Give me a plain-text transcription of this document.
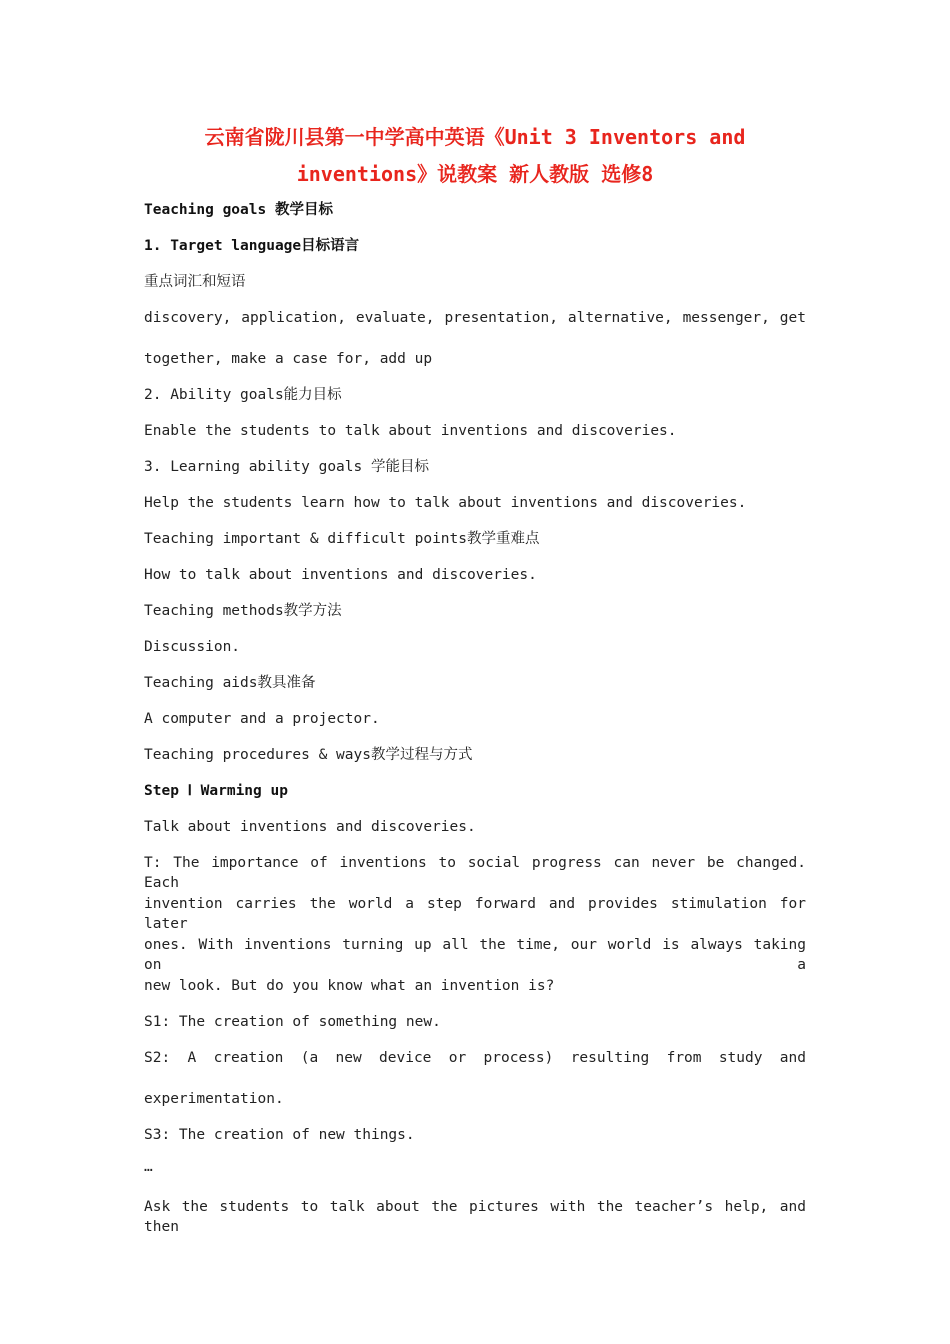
云南省陇川县第一中学高中英语《Unit 3 Inventors and
inventions》说教案 新人教版 选修8
Teaching goals 教学目标
1. Target language目标语言
重点词汇和短语
discovery, application, evaluate, presentation, alternative, messenger, get
together, make a case for, add up
2. Ability goals能力目标
Enable the students to talk about inventions and discoveries.
3. Learning ability goals 学能目标
Help the students learn how to talk about inventions and discoveries.
Teaching important & difficult points教学重难点
How to talk about inventions and discoveries.
Teaching methods教学方法
Discussion.
Teaching aids教具准备
A computer and a projector.
Teaching procedures & ways教学过程与方式
Step Ⅰ Warming up
Talk about inventions and discoveries.
T: The importance of inventions to social progress can never be changed. Each
invention carries the world a step forward and provides stimulation for later
ones. With inventions turning up all the time, our world is always taking on a
new look. But do you know what an invention is?
S1: The creation of something new.
S2: A creation (a new device or process) resulting from study and
experimentation.
S3: The creation of new things.
…
Ask the students to talk about the pictures with the teacher’s help, and then
